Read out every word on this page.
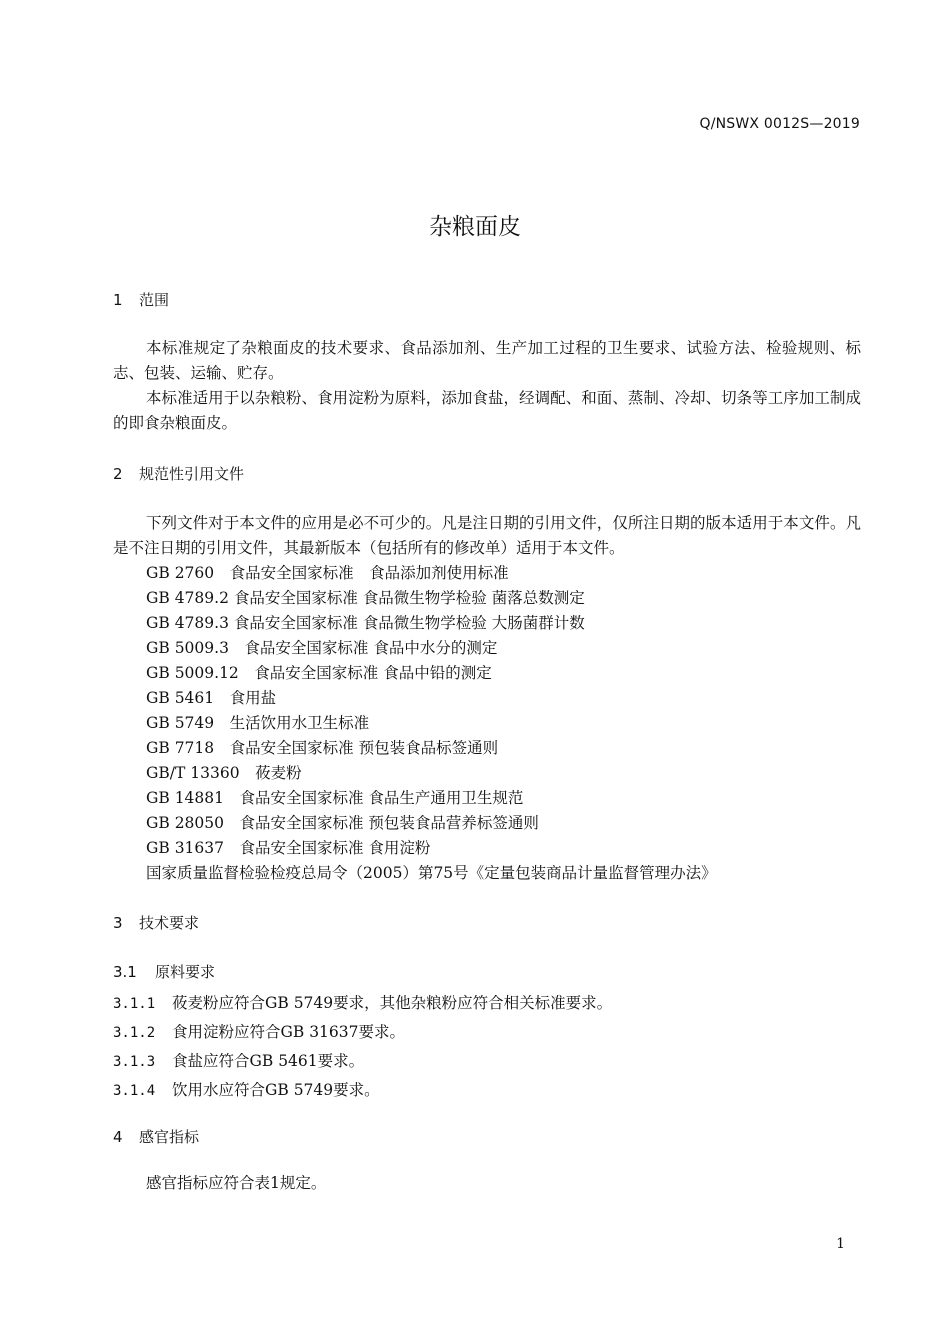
Q/NSWX 0012S—2019
杂粮面皮
1 范围
本标准规定了杂粮面皮的技术要求、食品添加剂、生产加工过程的卫生要求、试验方法、检验规则、标志、包装、运输、贮存。
本标准适用于以杂粮粉、食用淀粉为原料，添加食盐，经调配、和面、蒸制、冷却、切条等工序加工制成的即食杂粮面皮。
2 规范性引用文件
下列文件对于本文件的应用是必不可少的。凡是注日期的引用文件，仅所注日期的版本适用于本文件。凡是不注日期的引用文件，其最新版本（包括所有的修改单）适用于本文件。
GB 2760　食品安全国家标准　食品添加剂使用标准
GB 4789.2 食品安全国家标准 食品微生物学检验 菌落总数测定
GB 4789.3 食品安全国家标准 食品微生物学检验 大肠菌群计数
GB 5009.3　食品安全国家标准 食品中水分的测定
GB 5009.12　食品安全国家标准 食品中铅的测定
GB 5461　食用盐
GB 5749　生活饮用水卫生标准
GB 7718　食品安全国家标准 预包装食品标签通则
GB/T 13360　莜麦粉
GB 14881　食品安全国家标准 食品生产通用卫生规范
GB 28050　食品安全国家标准 预包装食品营养标签通则
GB 31637　食品安全国家标准 食用淀粉
国家质量监督检验检疫总局令（2005）第75号《定量包装商品计量监督管理办法》
3 技术要求
3.1 原料要求
3.1.1 莜麦粉应符合GB 5749要求，其他杂粮粉应符合相关标准要求。
3.1.2 食用淀粉应符合GB 31637要求。
3.1.3 食盐应符合GB 5461要求。
3.1.4 饮用水应符合GB 5749要求。
4 感官指标
感官指标应符合表1规定。
1
